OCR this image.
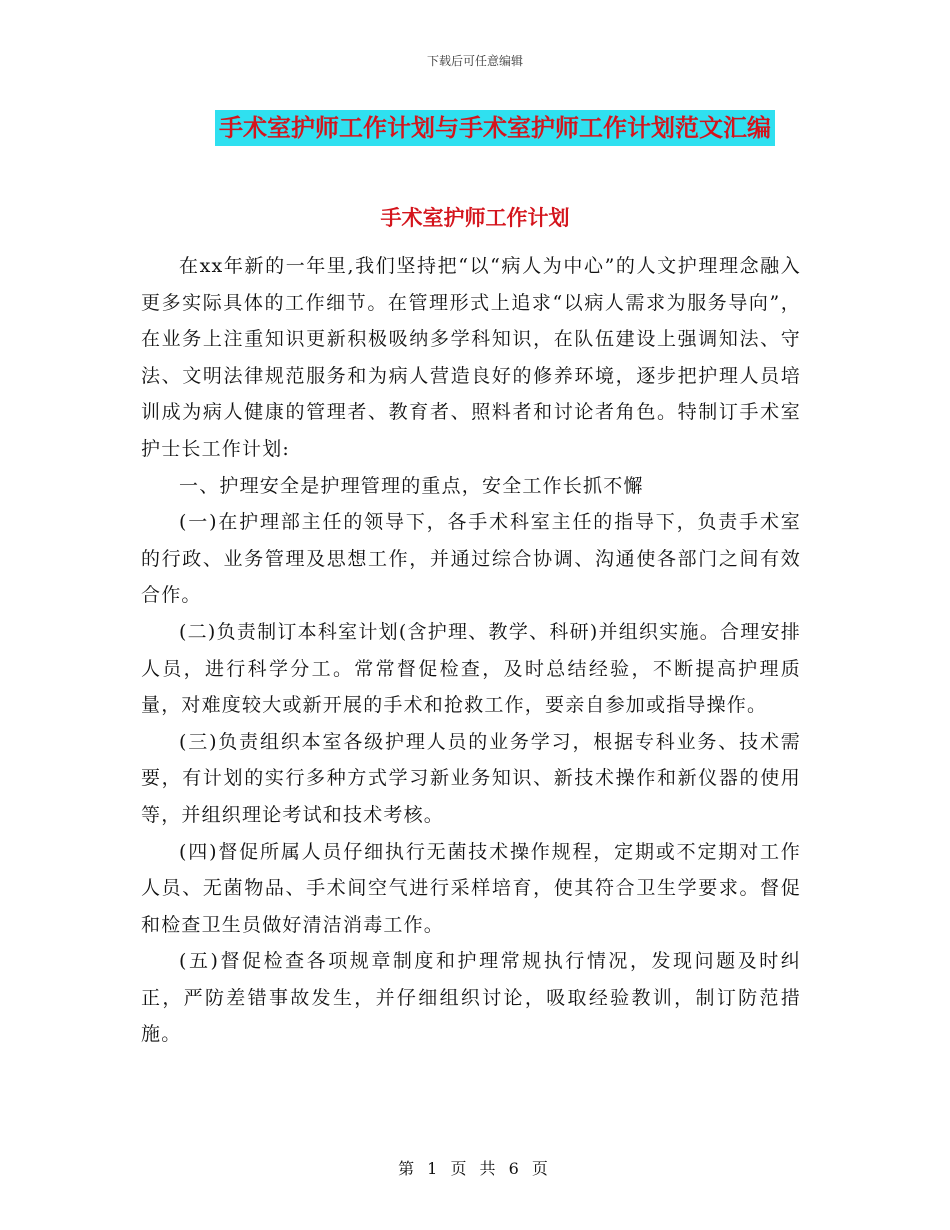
下载后可任意编辑
手术室护师工作计划与手术室护师工作计划范文汇编
手术室护师工作计划

在xx年新的一年里,我们坚持把“以“病人为中心”的人文护理理念融入更多实际具体的工作细节。在管理形式上追求“以病人需求为服务导向”，在业务上注重知识更新积极吸纳多学科知识，在队伍建设上强调知法、守法、文明法律规范服务和为病人营造良好的修养环境，逐步把护理人员培训成为病人健康的管理者、教育者、照料者和讨论者角色。特制订手术室护士长工作计划:

一、护理安全是护理管理的重点，安全工作长抓不懈

(一)在护理部主任的领导下，各手术科室主任的指导下，负责手术室的行政、业务管理及思想工作，并通过综合协调、沟通使各部门之间有效合作。

(二)负责制订本科室计划(含护理、教学、科研)并组织实施。合理安排人员，进行科学分工。常常督促检查，及时总结经验，不断提高护理质量，对难度较大或新开展的手术和抢救工作，要亲自参加或指导操作。

(三)负责组织本室各级护理人员的业务学习，根据专科业务、技术需要，有计划的实行多种方式学习新业务知识、新技术操作和新仪器的使用等，并组织理论考试和技术考核。

(四)督促所属人员仔细执行无菌技术操作规程，定期或不定期对工作人员、无菌物品、手术间空气进行采样培育，使其符合卫生学要求。督促和检查卫生员做好清洁消毒工作。

(五)督促检查各项规章制度和护理常规执行情况，发现问题及时纠正，严防差错事故发生，并仔细组织讨论，吸取经验教训，制订防范措施。

第 1 页 共 6 页
